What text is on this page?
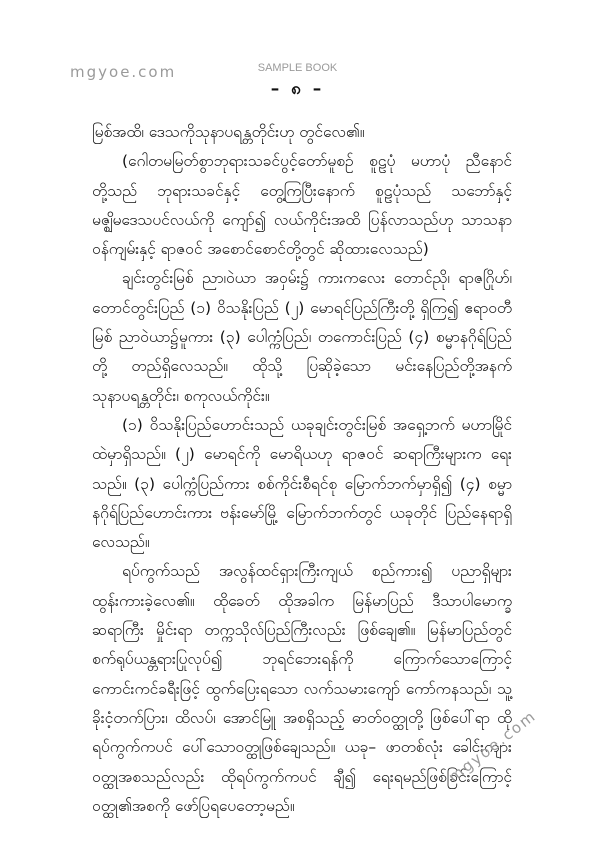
mgyoe.com	SAMPLE BOOK
– ၈ –

မြစ်အထိ၊ ဒေသကိုသုနာပရန္တတိုင်းဟု တွင်လေ၏။

(ဂေါတမမြတ်စွာဘုရားသခင်ပွင့်တော်မူစဉ် စူဠပုံ မဟာပုံ ညီနောင်တို့သည် ဘုရားသခင်နှင့် တွေ့ကြပြီးနောက် စူဠပုံသည် သဘော်နှင့် မဇ္ဈိမဒေသပင်လယ်ကို ကျော်၍ လယ်ကိုင်းအထိ ပြန်လာသည်ဟု သာသနာဝန်ကျမ်းနှင့် ရာဇဝင် အစောင်စောင်တို့တွင် ဆိုထားလေသည်)

ချင်းတွင်းမြစ် ညာ၊ဝဲယာ အဝှမ်း၌ ကားကလေး တောင်ညို၊ ရာဇဂြိုဟ်၊ တောင်တွင်းပြည် (၁) ဝိသနိုးပြည် (၂) မောရင်ပြည်ကြီးတို့ ရှိကြ၍ ဧရာဝတီမြစ် ညာဝဲယာ၌မူကား (၃) ပေါက္ကံပြည်၊ တကောင်းပြည် (၄) စမ္မာနဂိုရ်ပြည်တို့ တည်ရှိလေသည်။ ထိုသို့ ပြဆိုခဲ့သော မင်းနေပြည်တို့အနက် သုနာပရန္တတိုင်း၊ စကုလယ်ကိုင်း။

(၁) ဝိသနိုးပြည်ဟောင်းသည် ယခုချင်းတွင်းမြစ် အရှေ့ဘက် မဟာမြိုင်ထဲမှာရှိသည်။ (၂) မောရင်ကို မောရိယဟု ရာဇဝင် ဆရာကြီးများက ရေးသည်။ (၃) ပေါက္ကံပြည်ကား စစ်ကိုင်းစီရင်စု မြောက်ဘက်မှာရှိ၍ (၄) စမ္မာနဂိုရ်ပြည်ဟောင်းကား ဗန်းမော်မြို့ မြောက်ဘက်တွင် ယခုတိုင် ပြည်နေရာရှိလေသည်။

ရပ်ကွက်သည် အလွန်ထင်ရှားကြီးကျယ် စည်ကား၍ ပညာရှိများ ထွန်းကားခဲ့လေ၏။ ထိုခေတ် ထိုအခါက မြန်မာပြည် ဒီသာပါမောက္ခ ဆရာကြီး မှိုင်းရာ တက္ကသိုလ်ပြည်ကြီးလည်း ဖြစ်ချေ၏။ မြန်မာပြည်တွင် စက်ရုပ်ယန္တရားပြုလုပ်၍ ဘုရင်ဘေးရန်ကို ကြောက်သောကြောင့် ကောင်းကင်ခရီးဖြင့် ထွက်ပြေးရသော လက်သမားကျော် ကော်ကနသည်၊ သူ့ခိုးငံ့တက်ပြား၊ ထိလပ်၊ အောင်မြူ အစရှိသည့် ဓာတ်ဝတ္ထုတို့ ဖြစ်ပေါ်ရာ ထိုရပ်ကွက်ကပင် ပေါ်သောဝတ္ထုဖြစ်ချေသည်။ ယခု– ဖာတစ်လုံး ခေါင်းကျားဝတ္ထုအစသည်လည်း ထိုရပ်ကွက်ကပင် ချီ၍ ရေးရမည်ဖြစ်ခြင်းကြောင့် ဝတ္ထု၏အစကို ဖော်ပြရပေတော့မည်။

mgyoe.com
